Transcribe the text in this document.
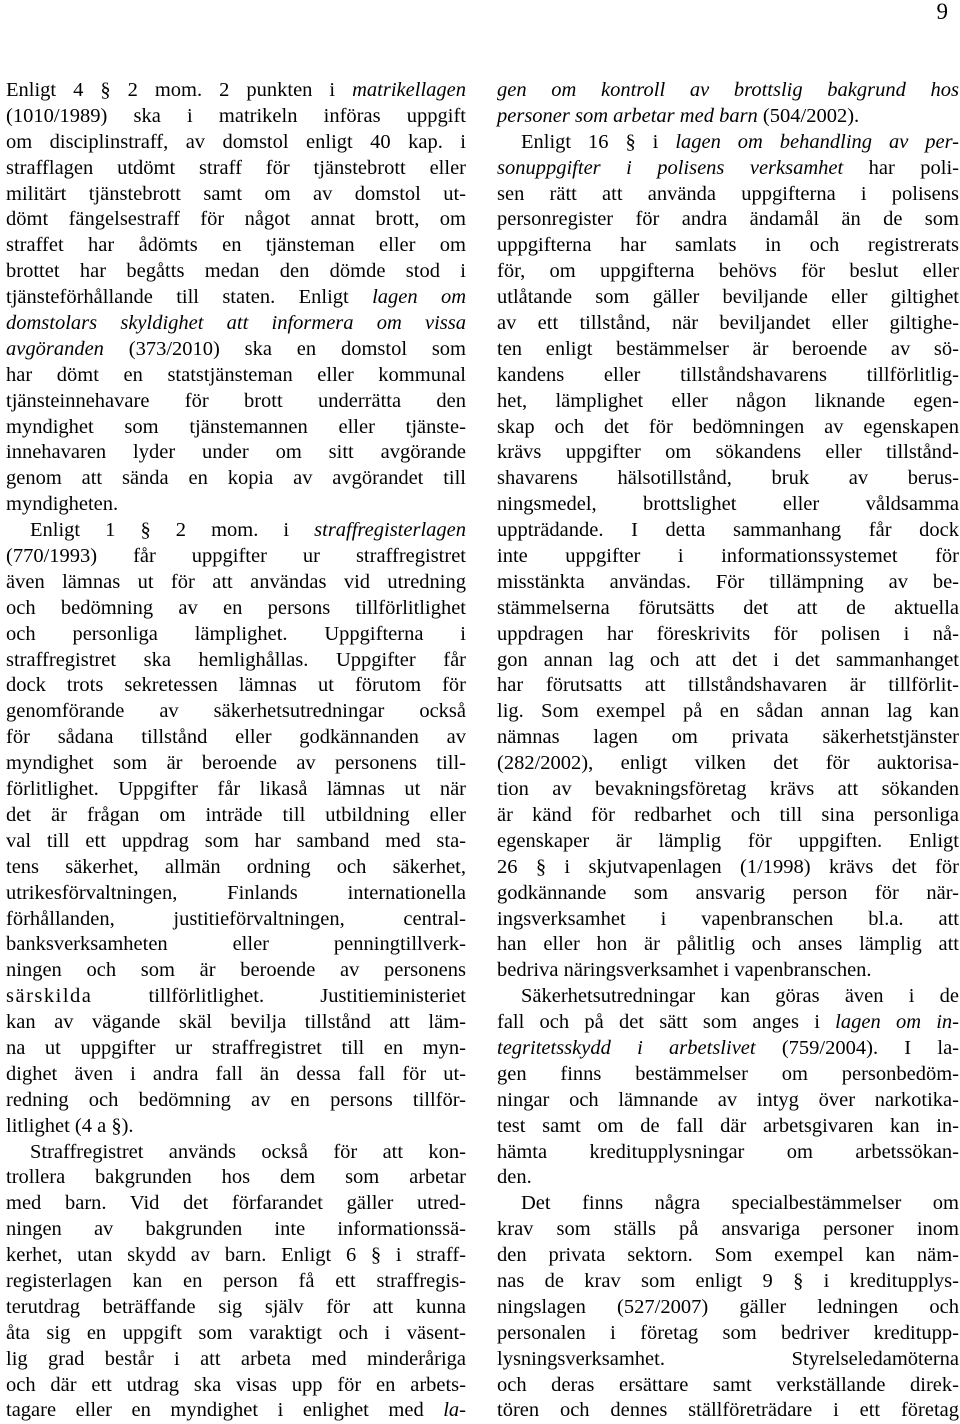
9
Enligt 4 § 2 mom. 2 punkten i matrikellagen
(1010/1989) ska i matrikeln införas uppgift
om disciplinstraff, av domstol enligt 40 kap. i
strafflagen utdömt straff för tjänstebrott eller
militärt tjänstebrott samt om av domstol ut-
dömt fängelsestraff för något annat brott, om
straffet har ådömts en tjänsteman eller om
brottet har begåtts medan den dömde stod i
tjänsteförhållande till staten. Enligt lagen om
domstolars skyldighet att informera om vissa
avgöranden (373/2010) ska en domstol som
har dömt en statstjänsteman eller kommunal
tjänsteinnehavare för brott underrätta den
myndighet som tjänstemannen eller tjänste-
innehavaren lyder under om sitt avgörande
genom att sända en kopia av avgörandet till
myndigheten.
Enligt 1 § 2 mom. i straffregisterlagen
(770/1993) får uppgifter ur straffregistret
även lämnas ut för att användas vid utredning
och bedömning av en persons tillförlitlighet
och personliga lämplighet. Uppgifterna i
straffregistret ska hemlighållas. Uppgifter får
dock trots sekretessen lämnas ut förutom för
genomförande av säkerhetsutredningar också
för sådana tillstånd eller godkännanden av
myndighet som är beroende av personens till-
förlitlighet. Uppgifter får likaså lämnas ut när
det är frågan om inträde till utbildning eller
val till ett uppdrag som har samband med sta-
tens säkerhet, allmän ordning och säkerhet,
utrikesförvaltningen, Finlands internationella
förhållanden, justitieförvaltningen, central-
banksverksamheten eller penningtillverk-
ningen och som är beroende av personens
särskilda tillförlitlighet. Justitieministeriet
kan av vägande skäl bevilja tillstånd att läm-
na ut uppgifter ur straffregistret till en myn-
dighet även i andra fall än dessa fall för ut-
redning och bedömning av en persons tillför-
litlighet (4 a §).
Straffregistret används också för att kon-
trollera bakgrunden hos dem som arbetar
med barn. Vid det förfarandet gäller utred-
ningen av bakgrunden inte informationssä-
kerhet, utan skydd av barn. Enligt 6 § i straff-
registerlagen kan en person få ett straffregis-
terutdrag beträffande sig själv för att kunna
åta sig en uppgift som varaktigt och i väsent-
lig grad består i att arbeta med minderåriga
och där ett utdrag ska visas upp för en arbets-
tagare eller en myndighet i enlighet med la-
gen om kontroll av brottslig bakgrund hos
personer som arbetar med barn (504/2002).
Enligt 16 § i lagen om behandling av per-
sonuppgifter i polisens verksamhet har poli-
sen rätt att använda uppgifterna i polisens
personregister för andra ändamål än de som
uppgifterna har samlats in och registrerats
för, om uppgifterna behövs för beslut eller
utlåtande som gäller beviljande eller giltighet
av ett tillstånd, när beviljandet eller giltighe-
ten enligt bestämmelser är beroende av sö-
kandens eller tillståndshavarens tillförlitlig-
het, lämplighet eller någon liknande egen-
skap och det för bedömningen av egenskapen
krävs uppgifter om sökandens eller tillstånd-
shavarens hälsotillstånd, bruk av berus-
ningsmedel, brottslighet eller våldsamma
uppträdande. I detta sammanhang får dock
inte uppgifter i informationssystemet för
misstänkta användas. För tillämpning av be-
stämmelserna förutsätts det att de aktuella
uppdragen har föreskrivits för polisen i nå-
gon annan lag och att det i det sammanhanget
har förutsatts att tillståndshavaren är tillförlit-
lig. Som exempel på en sådan annan lag kan
nämnas lagen om privata säkerhetstjänster
(282/2002), enligt vilken det för auktorisa-
tion av bevakningsföretag krävs att sökanden
är känd för redbarhet och till sina personliga
egenskaper är lämplig för uppgiften. Enligt
26 § i skjutvapenlagen (1/1998) krävs det för
godkännande som ansvarig person för när-
ingsverksamhet i vapenbranschen bl.a. att
han eller hon är pålitlig och anses lämplig att
bedriva näringsverksamhet i vapenbranschen.
Säkerhetsutredningar kan göras även i de
fall och på det sätt som anges i lagen om in-
tegritetsskydd i arbetslivet (759/2004). I la-
gen finns bestämmelser om personbedöm-
ningar och lämnande av intyg över narkotika-
test samt om de fall där arbetsgivaren kan in-
hämta kreditupplysningar om arbetssökan-
den.
Det finns några specialbestämmelser om
krav som ställs på ansvariga personer inom
den privata sektorn. Som exempel kan näm-
nas de krav som enligt 9 § i kreditupplys-
ningslagen (527/2007) gäller ledningen och
personalen i företag som bedriver kreditupp-
lysningsverksamhet. Styrelseledamöterna
och deras ersättare samt verkställande direk-
tören och dennes ställföreträdare i ett företag
